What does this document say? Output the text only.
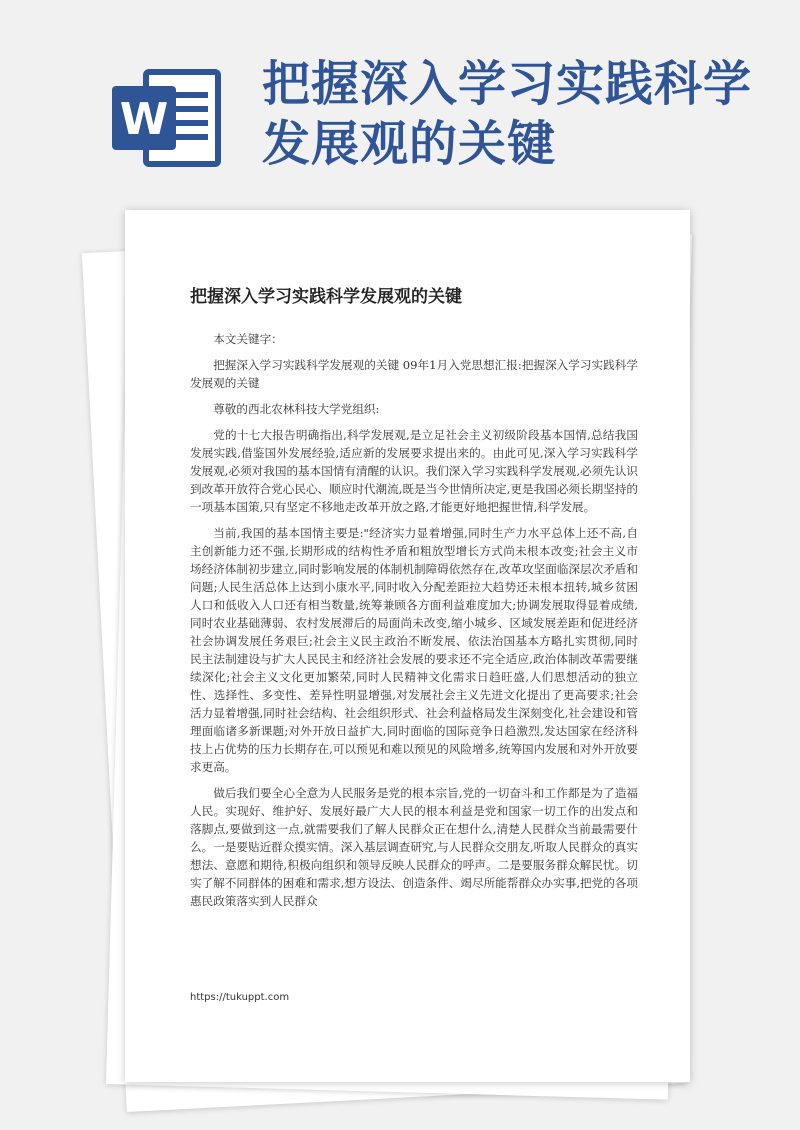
W
把握深入学习实践科学发展观的关键
把握深入学习实践科学发展观的关键

本文关键字：

把握深入学习实践科学发展观的关键 09年1月入党思想汇报:把握深入学习实践科学发展观的关键

尊敬的西北农林科技大学党组织:

党的十七大报告明确指出,科学发展观,是立足社会主义初级阶段基本国情,总结我国发展实践,借鉴国外发展经验,适应新的发展要求提出来的。由此可见,深入学习实践科学发展观,必须对我国的基本国情有清醒的认识。我们深入学习实践科学发展观,必须先认识到改革开放符合党心民心、顺应时代潮流,既是当今世情所决定,更是我国必须长期坚持的一项基本国策,只有坚定不移地走改革开放之路,才能更好地把握世情,科学发展。

当前,我国的基本国情主要是:"经济实力显着增强,同时生产力水平总体上还不高,自主创新能力还不强,长期形成的结构性矛盾和粗放型增长方式尚未根本改变;社会主义市场经济体制初步建立,同时影响发展的体制机制障碍依然存在,改革攻坚面临深层次矛盾和问题;人民生活总体上达到小康水平,同时收入分配差距拉大趋势还未根本扭转,城乡贫困人口和低收入人口还有相当数量,统筹兼顾各方面利益难度加大;协调发展取得显着成绩,同时农业基础薄弱、农村发展滞后的局面尚未改变,缩小城乡、区域发展差距和促进经济社会协调发展任务艰巨;社会主义民主政治不断发展、依法治国基本方略扎实贯彻,同时民主法制建设与扩大人民民主和经济社会发展的要求还不完全适应,政治体制改革需要继续深化;社会主义文化更加繁荣,同时人民精神文化需求日趋旺盛,人们思想活动的独立性、选择性、多变性、差异性明显增强,对发展社会主义先进文化提出了更高要求;社会活力显着增强,同时社会结构、社会组织形式、社会利益格局发生深刻变化,社会建设和管理面临诸多新课题;对外开放日益扩大,同时面临的国际竞争日趋激烈,发达国家在经济科技上占优势的压力长期存在,可以预见和难以预见的风险增多,统筹国内发展和对外开放要求更高。

做后我们要全心全意为人民服务是党的根本宗旨,党的一切奋斗和工作都是为了造福人民。实现好、维护好、发展好最广大人民的根本利益是党和国家一切工作的出发点和落脚点,要做到这一点,就需要我们了解人民群众正在想什么,清楚人民群众当前最需要什么。一是要贴近群众摸实情。深入基层调查研究,与人民群众交朋友,听取人民群众的真实想法、意愿和期待,积极向组织和领导反映人民群众的呼声。二是要服务群众解民忧。切实了解不同群体的困难和需求,想方设法、创造条件、竭尽所能帮群众办实事,把党的各项惠民政策落实到人民群众

https://tukuppt.com
